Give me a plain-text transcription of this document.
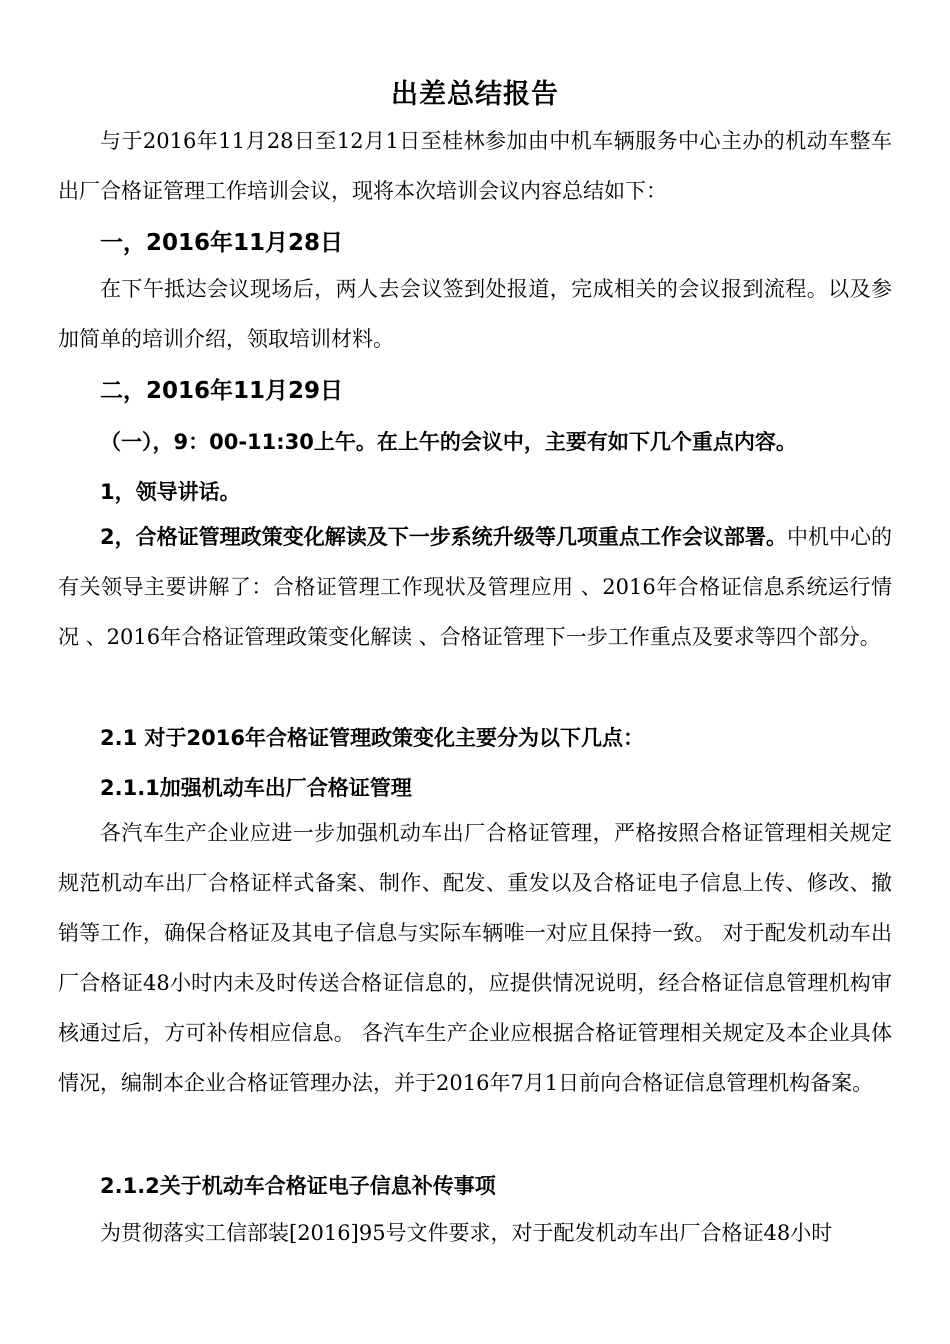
出差总结报告
与于2016年11月28日至12月1日至桂林参加由中机车辆服务中心主办的机动车整车出厂合格证管理工作培训会议，现将本次培训会议内容总结如下：
一，2016年11月28日
在下午抵达会议现场后，两人去会议签到处报道，完成相关的会议报到流程。以及参加简单的培训介绍，领取培训材料。
二，2016年11月29日
（一），9：00-11:30上午。在上午的会议中，主要有如下几个重点内容。
1，领导讲话。
2，合格证管理政策变化解读及下一步系统升级等几项重点工作会议部署。中机中心的有关领导主要讲解了：合格证管理工作现状及管理应用 、2016年合格证信息系统运行情况 、2016年合格证管理政策变化解读 、合格证管理下一步工作重点及要求等四个部分。
2.1 对于2016年合格证管理政策变化主要分为以下几点：
2.1.1加强机动车出厂合格证管理
各汽车生产企业应进一步加强机动车出厂合格证管理，严格按照合格证管理相关规定规范机动车出厂合格证样式备案、制作、配发、重发以及合格证电子信息上传、修改、撤销等工作，确保合格证及其电子信息与实际车辆唯一对应且保持一致。 对于配发机动车出厂合格证48小时内未及时传送合格证信息的，应提供情况说明，经合格证信息管理机构审核通过后，方可补传相应信息。 各汽车生产企业应根据合格证管理相关规定及本企业具体情况，编制本企业合格证管理办法，并于2016年7月1日前向合格证信息管理机构备案。
2.1.2关于机动车合格证电子信息补传事项
为贯彻落实工信部装[2016]95号文件要求，对于配发机动车出厂合格证48小时
